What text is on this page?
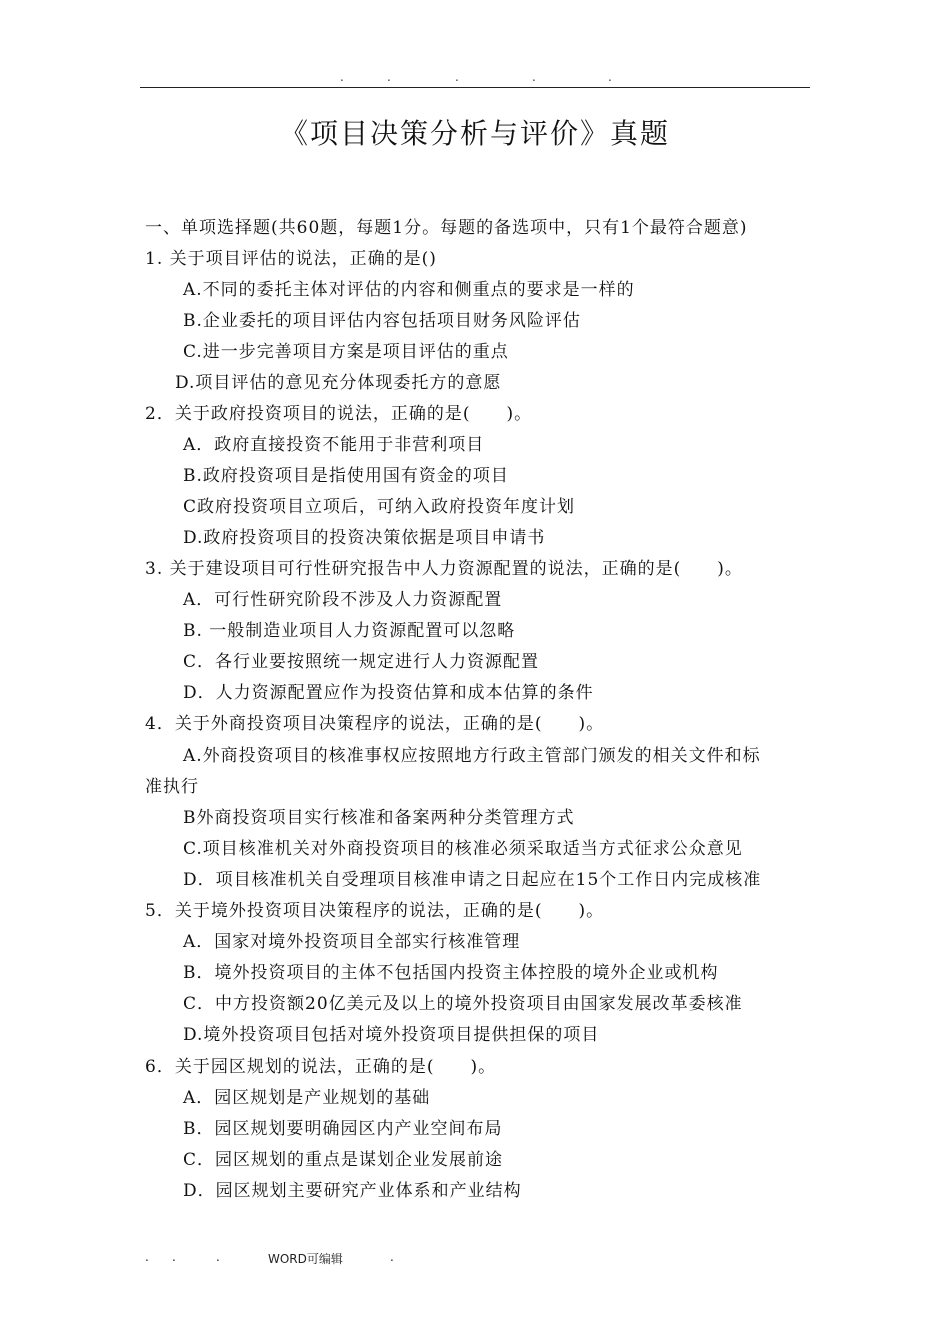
.	.	.	.	.
《项目决策分析与评价》真题
一、单项选择题(共60题，每题1分。每题的备选项中，只有1个最符合题意)
1. 关于项目评估的说法，正确的是()
A.不同的委托主体对评估的内容和侧重点的要求是一样的
B.企业委托的项目评估内容包括项目财务风险评估
C.进一步完善项目方案是项目评估的重点
D.项目评估的意见充分体现委托方的意愿
2．关于政府投资项目的说法，正确的是(　　)。
A．政府直接投资不能用于非营利项目
B.政府投资项目是指使用国有资金的项目
C政府投资项目立项后，可纳入政府投资年度计划
D.政府投资项目的投资决策依据是项目申请书
3. 关于建设项目可行性研究报告中人力资源配置的说法，正确的是(　　)。
A．可行性研究阶段不涉及人力资源配置
B. 一般制造业项目人力资源配置可以忽略
C．各行业要按照统一规定进行人力资源配置
D．人力资源配置应作为投资估算和成本估算的条件
4．关于外商投资项目决策程序的说法，正确的是(　　)。
A.外商投资项目的核准事权应按照地方行政主管部门颁发的相关文件和标
准执行
B外商投资项目实行核准和备案两种分类管理方式
C.项目核准机关对外商投资项目的核准必须采取适当方式征求公众意见
D．项目核准机关自受理项目核准申请之日起应在15个工作日内完成核准
5．关于境外投资项目决策程序的说法，正确的是(　　)。
A．国家对境外投资项目全部实行核准管理
B．境外投资项目的主体不包括国内投资主体控股的境外企业或机构
C．中方投资额20亿美元及以上的境外投资项目由国家发展改革委核准
D.境外投资项目包括对境外投资项目提供担保的项目
6．关于园区规划的说法，正确的是(　　)。
A．园区规划是产业规划的基础
B．园区规划要明确园区内产业空间布局
C．园区规划的重点是谋划企业发展前途
D．园区规划主要研究产业体系和产业结构
. .	.	WORD可编辑	.
